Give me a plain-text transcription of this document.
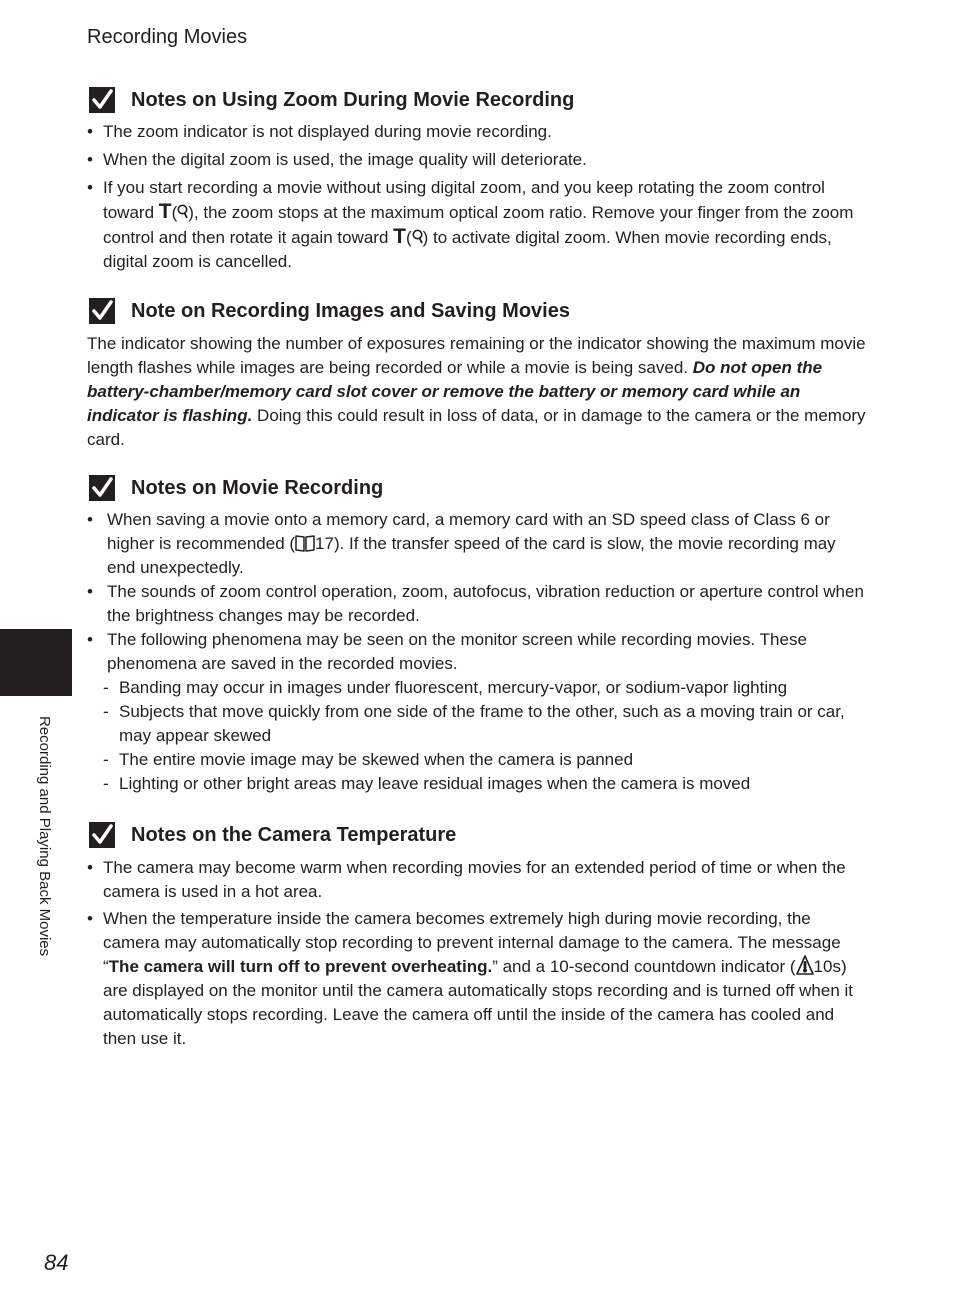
Recording Movies
Notes on Using Zoom During Movie Recording
• The zoom indicator is not displayed during movie recording.
• When the digital zoom is used, the image quality will deteriorate.
• If you start recording a movie without using digital zoom, and you keep rotating the zoom control toward T( ), the zoom stops at the maximum optical zoom ratio. Remove your finger from the zoom control and then rotate it again toward T( ) to activate digital zoom. When movie recording ends, digital zoom is cancelled.
Note on Recording Images and Saving Movies

The indicator showing the number of exposures remaining or the indicator showing the maximum movie length flashes while images are being recorded or while a movie is being saved. Do not open the battery-chamber/memory card slot cover or remove the battery or memory card while an indicator is flashing. Doing this could result in loss of data, or in damage to the camera or the memory card.

Notes on Movie Recording
• When saving a movie onto a memory card, a memory card with an SD speed class of Class 6 or higher is recommended ( 17). If the transfer speed of the card is slow, the movie recording may end unexpectedly.
• The sounds of zoom control operation, zoom, autofocus, vibration reduction or aperture control when the brightness changes may be recorded.
• The following phenomena may be seen on the monitor screen while recording movies. These phenomena are saved in the recorded movies.
- Banding may occur in images under fluorescent, mercury-vapor, or sodium-vapor lighting
- Subjects that move quickly from one side of the frame to the other, such as a moving train or car, may appear skewed
- The entire movie image may be skewed when the camera is panned
- Lighting or other bright areas may leave residual images when the camera is moved
Notes on the Camera Temperature
• The camera may become warm when recording movies for an extended period of time or when the camera is used in a hot area.
• When the temperature inside the camera becomes extremely high during movie recording, the camera may automatically stop recording to prevent internal damage to the camera. The message “The camera will turn off to prevent overheating.” and a 10-second countdown indicator ( 10s) are displayed on the monitor until the camera automatically stops recording and is turned off when it automatically stops recording. Leave the camera off until the inside of the camera has cooled and then use it.
Recording and Playing Back Movies
84
